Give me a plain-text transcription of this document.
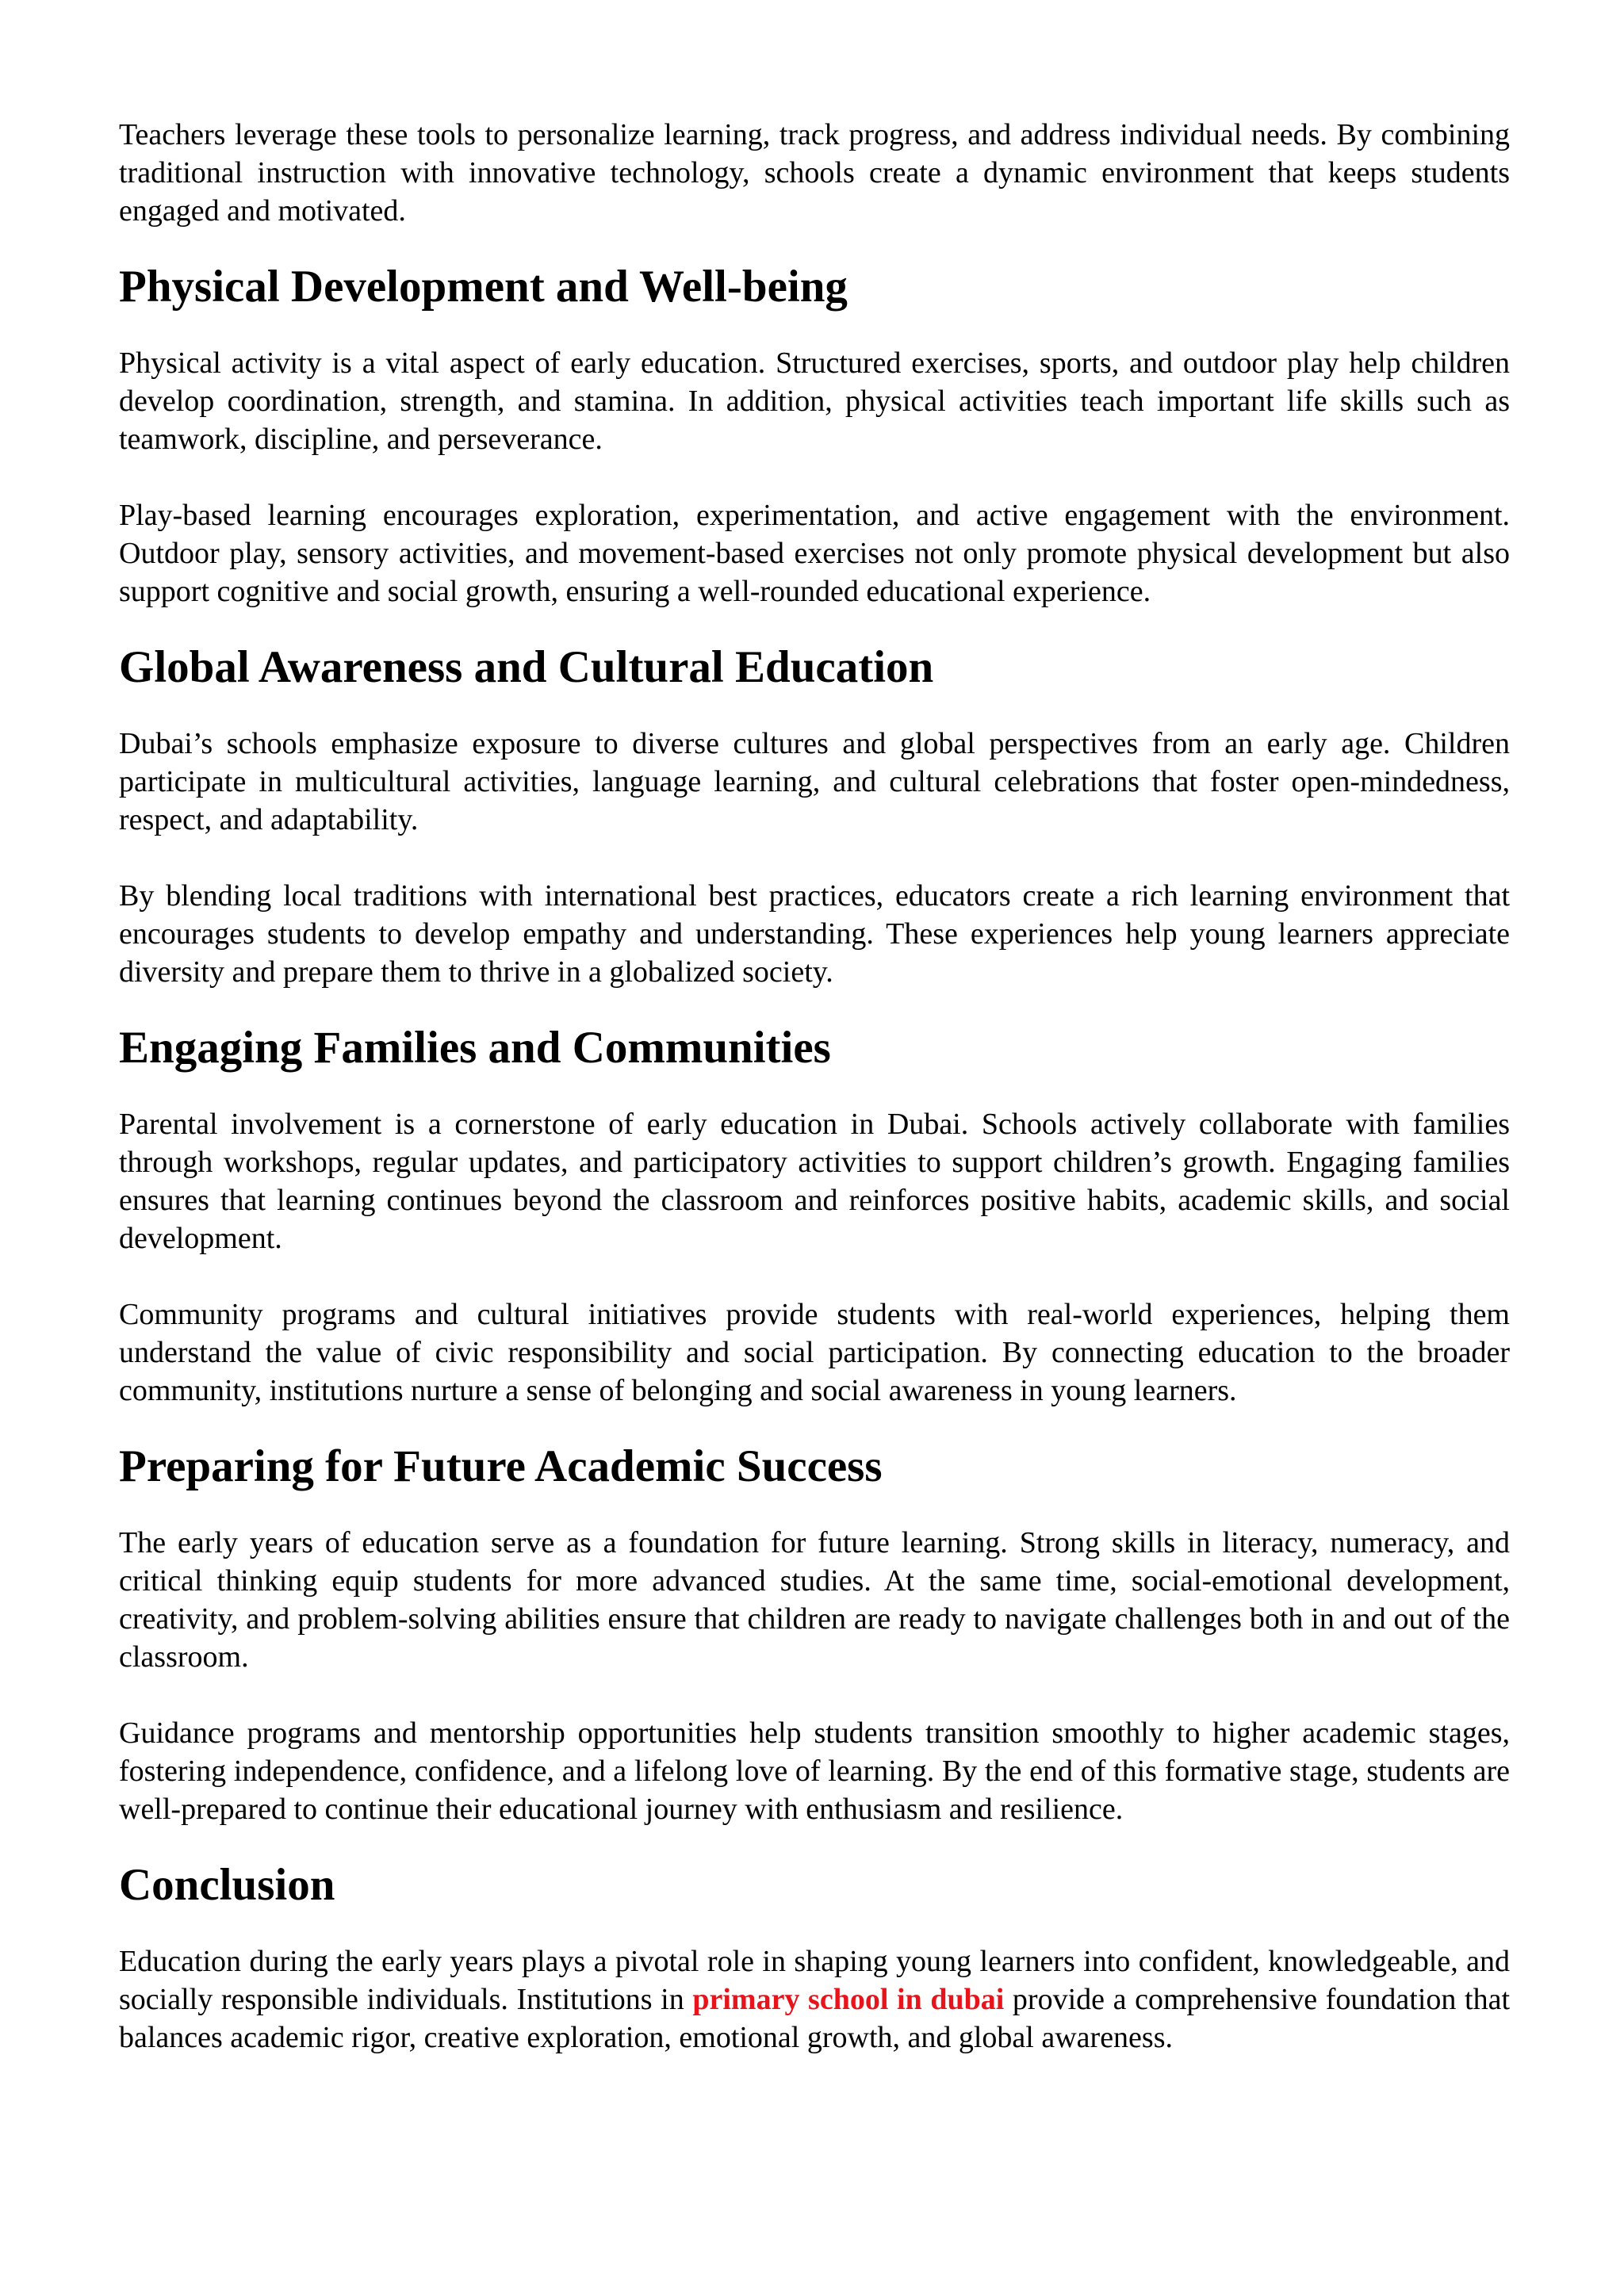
Teachers leverage these tools to personalize learning, track progress, and address individual needs. By combining traditional instruction with innovative technology, schools create a dynamic environment that keeps students engaged and motivated.

Physical Development and Well-being

Physical activity is a vital aspect of early education. Structured exercises, sports, and outdoor play help children develop coordination, strength, and stamina. In addition, physical activities teach important life skills such as teamwork, discipline, and perseverance.

Play-based learning encourages exploration, experimentation, and active engagement with the environment. Outdoor play, sensory activities, and movement-based exercises not only promote physical development but also support cognitive and social growth, ensuring a well-rounded educational experience.

Global Awareness and Cultural Education

Dubai’s schools emphasize exposure to diverse cultures and global perspectives from an early age. Children participate in multicultural activities, language learning, and cultural celebrations that foster open-mindedness, respect, and adaptability.

By blending local traditions with international best practices, educators create a rich learning environment that encourages students to develop empathy and understanding. These experiences help young learners appreciate diversity and prepare them to thrive in a globalized society.

Engaging Families and Communities

Parental involvement is a cornerstone of early education in Dubai. Schools actively collaborate with families through workshops, regular updates, and participatory activities to support children’s growth. Engaging families ensures that learning continues beyond the classroom and reinforces positive habits, academic skills, and social development.

Community programs and cultural initiatives provide students with real-world experiences, helping them understand the value of civic responsibility and social participation. By connecting education to the broader community, institutions nurture a sense of belonging and social awareness in young learners.

Preparing for Future Academic Success

The early years of education serve as a foundation for future learning. Strong skills in literacy, numeracy, and critical thinking equip students for more advanced studies. At the same time, social-emotional development, creativity, and problem-solving abilities ensure that children are ready to navigate challenges both in and out of the classroom.

Guidance programs and mentorship opportunities help students transition smoothly to higher academic stages, fostering independence, confidence, and a lifelong love of learning. By the end of this formative stage, students are well-prepared to continue their educational journey with enthusiasm and resilience.

Conclusion

Education during the early years plays a pivotal role in shaping young learners into confident, knowledgeable, and socially responsible individuals. Institutions in primary school in dubai provide a comprehensive foundation that balances academic rigor, creative exploration, emotional growth, and global awareness.
